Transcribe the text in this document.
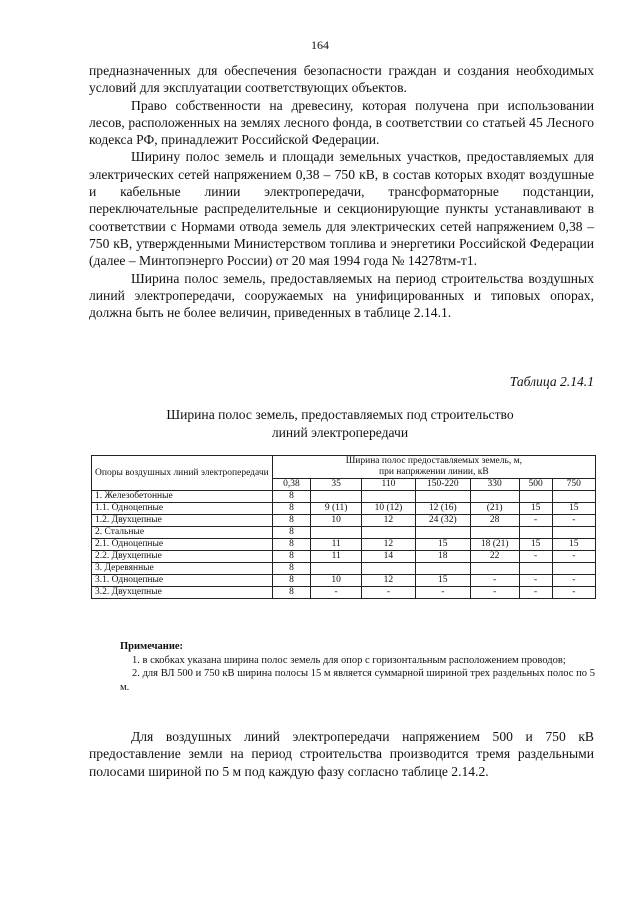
164

предназначенных для обеспечения безопасности граждан и создания необходимых условий для эксплуатации соответствующих объектов.

Право собственности на древесину, которая получена при использовании лесов, расположенных на землях лесного фонда, в соответствии со статьей 45 Лесного кодекса РФ, принадлежит Российской Федерации.

Ширину полос земель и площади земельных участков, предоставляемых для электрических сетей напряжением 0,38 – 750 кВ, в состав которых входят воздушные и кабельные линии электропередачи, трансформаторные подстанции, переключательные распределительные и секционирующие пункты устанавливают в соответствии с Нормами отвода земель для электрических сетей напряжением 0,38 – 750 кВ, утвержденными Министерством топлива и энергетики Российской Федерации (далее – Минтопэнерго России) от 20 мая 1994 года № 14278тм-т1.

Ширина полос земель, предоставляемых на период строительства воздушных линий электропередачи, сооружаемых на унифицированных и типовых опорах, должна быть не более величин, приведенных в таблице 2.14.1.

Таблица 2.14.1
Ширина полос земель, предоставляемых под строительство
линий электропередачи
Опоры воздушных линий электропередачи	Ширина полос предоставляемых земель, м,
при напряжении линии, кВ						

	0,38	35	110	150-220	330	500	750
1. Железобетонные	8						
1.1. Одноцепные	8	9 (11)	10 (12)	12 (16)	(21)	15	15
1.2. Двухцепные	8	10	12	24 (32)	28	-	-
2. Стальные	8						
2.1. Одноцепные	8	11	12	15	18 (21)	15	15
2.2. Двухцепные	8	11	14	18	22	-	-
3. Деревянные	8						
3.1. Одноцепные	8	10	12	15	-	-	-
3.2. Двухцепные	8	-	-	-	-	-	-

Примечание:

1. в скобках указана ширина полос земель для опор с горизонтальным расположением проводов;

2. для ВЛ 500 и 750 кВ ширина полосы 15 м является суммарной шириной трех раздельных полос по 5 м.

Для воздушных линий электропередачи напряжением 500 и 750 кВ предоставление земли на период строительства производится тремя раздельными полосами шириной по 5 м под каждую фазу согласно таблице 2.14.2.
